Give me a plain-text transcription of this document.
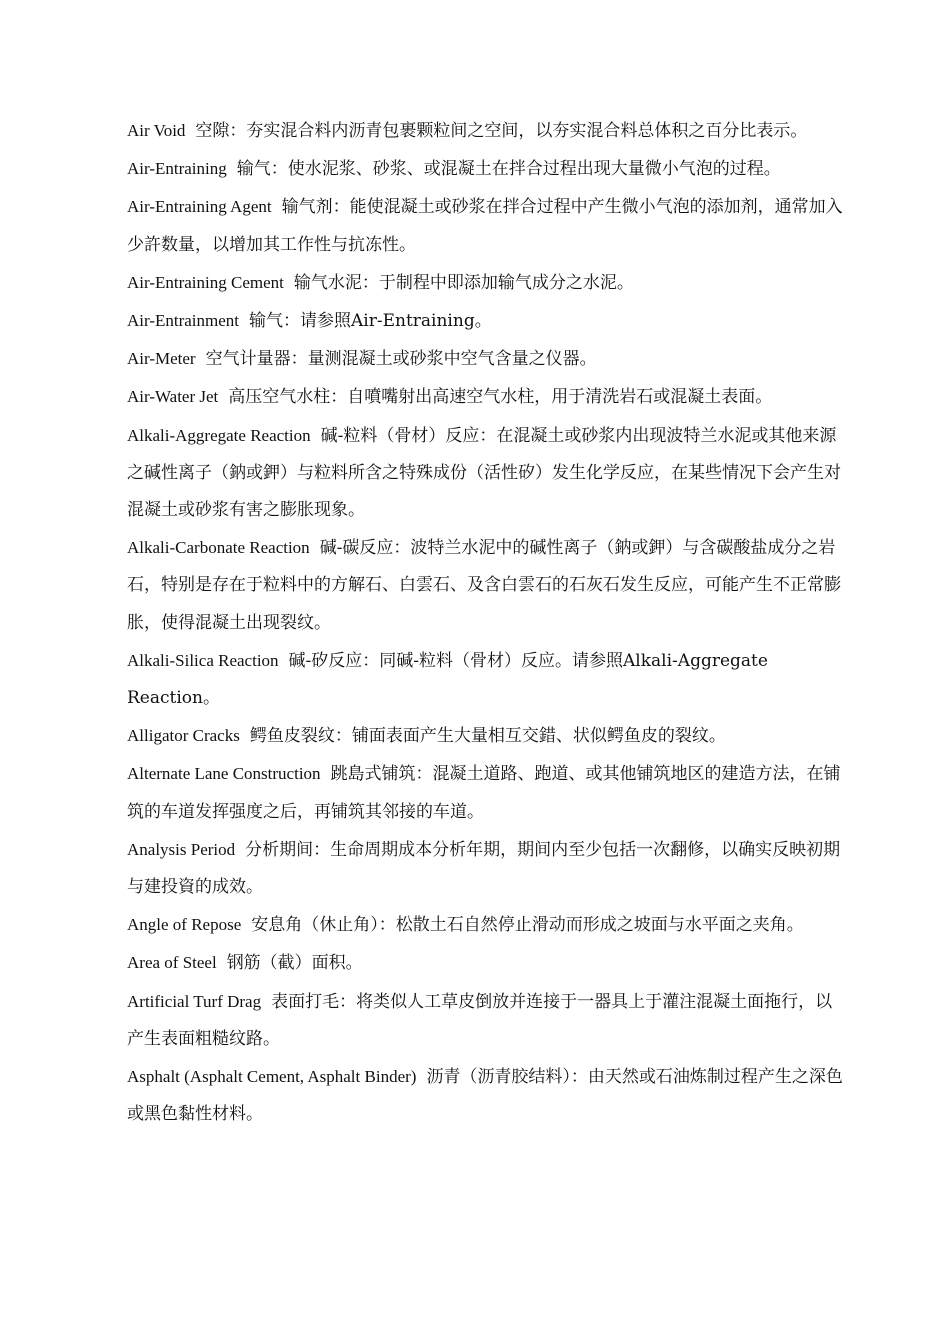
Air Void 空隙：夯实混合料内沥青包裹颗粒间之空间，以夯实混合料总体积之百分比表示。

Air-Entraining 输气：使水泥浆、砂浆、或混凝土在拌合过程出现大量微小气泡的过程。

Air-Entraining Agent 输气剂：能使混凝土或砂浆在拌合过程中产生微小气泡的添加剂，通常加入少許数量，以增加其工作性与抗冻性。

Air-Entraining Cement 输气水泥：于制程中即添加输气成分之水泥。

Air-Entrainment 输气：请参照Air-Entraining。

Air-Meter 空气计量器：量测混凝土或砂浆中空气含量之仪器。

Air-Water Jet 高压空气水柱：自噴嘴射出高速空气水柱，用于清洗岩石或混凝土表面。

Alkali-Aggregate Reaction 碱-粒料（骨材）反应：在混凝土或砂浆内出现波特兰水泥或其他来源之碱性离子（鈉或鉀）与粒料所含之特殊成份（活性矽）发生化学反应，在某些情况下会产生对混凝土或砂浆有害之膨胀现象。

Alkali-Carbonate Reaction 碱-碳反应：波特兰水泥中的碱性离子（鈉或鉀）与含碳酸盐成分之岩石，特别是存在于粒料中的方解石、白雲石、及含白雲石的石灰石发生反应，可能产生不正常膨胀，使得混凝土出现裂纹。

Alkali-Silica Reaction 碱-矽反应：同碱-粒料（骨材）反应。请参照Alkali-Aggregate Reaction。

Alligator Cracks 鳄鱼皮裂纹：铺面表面产生大量相互交錯、状似鳄鱼皮的裂纹。

Alternate Lane Construction 跳島式铺筑：混凝土道路、跑道、或其他铺筑地区的建造方法，在铺筑的车道发挥强度之后，再铺筑其邻接的车道。

Analysis Period 分析期间：生命周期成本分析年期，期间内至少包括一次翻修，以确实反映初期与建投資的成效。

Angle of Repose 安息角（休止角）：松散土石自然停止滑动而形成之坡面与水平面之夹角。

Area of Steel 钢筋（截）面积。

Artificial Turf Drag 表面打毛：将类似人工草皮倒放并连接于一器具上于灌注混凝土面拖行，以产生表面粗糙纹路。

Asphalt (Asphalt Cement, Asphalt Binder) 沥青（沥青胶结料）：由天然或石油炼制过程产生之深色或黑色黏性材料。
